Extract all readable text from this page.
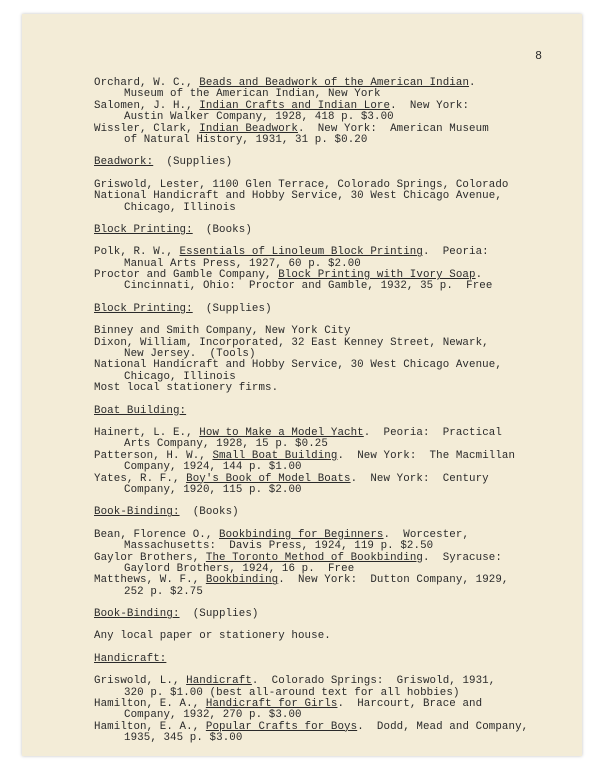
8
Orchard, W. C., Beads and Beadwork of the American Indian.
Museum of the American Indian, New York
Salomen, J. H., Indian Crafts and Indian Lore.  New York:
Austin Walker Company, 1928, 418 p. $3.00
Wissler, Clark, Indian Beadwork.  New York:  American Museum
of Natural History, 1931, 31 p. $0.20
Beadwork:  (Supplies)
Griswold, Lester, 1100 Glen Terrace, Colorado Springs, Colorado
National Handicraft and Hobby Service, 30 West Chicago Avenue,
Chicago, Illinois
Block Printing:  (Books)
Polk, R. W., Essentials of Linoleum Block Printing.  Peoria:
Manual Arts Press, 1927, 60 p. $2.00
Proctor and Gamble Company, Block Printing with Ivory Soap.
Cincinnati, Ohio:  Proctor and Gamble, 1932, 35 p.  Free
Block Printing:  (Supplies)
Binney and Smith Company, New York City
Dixon, William, Incorporated, 32 East Kenney Street, Newark,
New Jersey.  (Tools)
National Handicraft and Hobby Service, 30 West Chicago Avenue,
Chicago, Illinois
Most local stationery firms.
Boat Building:
Hainert, L. E., How to Make a Model Yacht.  Peoria:  Practical
Arts Company, 1928, 15 p. $0.25
Patterson, H. W., Small Boat Building.  New York:  The Macmillan
Company, 1924, 144 p. $1.00
Yates, R. F., Boy's Book of Model Boats.  New York:  Century
Company, 1920, 115 p. $2.00
Book-Binding:  (Books)
Bean, Florence O., Bookbinding for Beginners.  Worcester,
Massachusetts:  Davis Press, 1924, 119 p. $2.50
Gaylor Brothers, The Toronto Method of Bookbinding.  Syracuse:
Gaylord Brothers, 1924, 16 p.  Free
Matthews, W. F., Bookbinding.  New York:  Dutton Company, 1929,
252 p. $2.75
Book-Binding:  (Supplies)
Any local paper or stationery house.
Handicraft:
Griswold, L., Handicraft.  Colorado Springs:  Griswold, 1931,
320 p. $1.00 (best all-around text for all hobbies)
Hamilton, E. A., Handicraft for Girls.  Harcourt, Brace and
Company, 1932, 270 p. $3.00
Hamilton, E. A., Popular Crafts for Boys.  Dodd, Mead and Company,
1935, 345 p. $3.00
